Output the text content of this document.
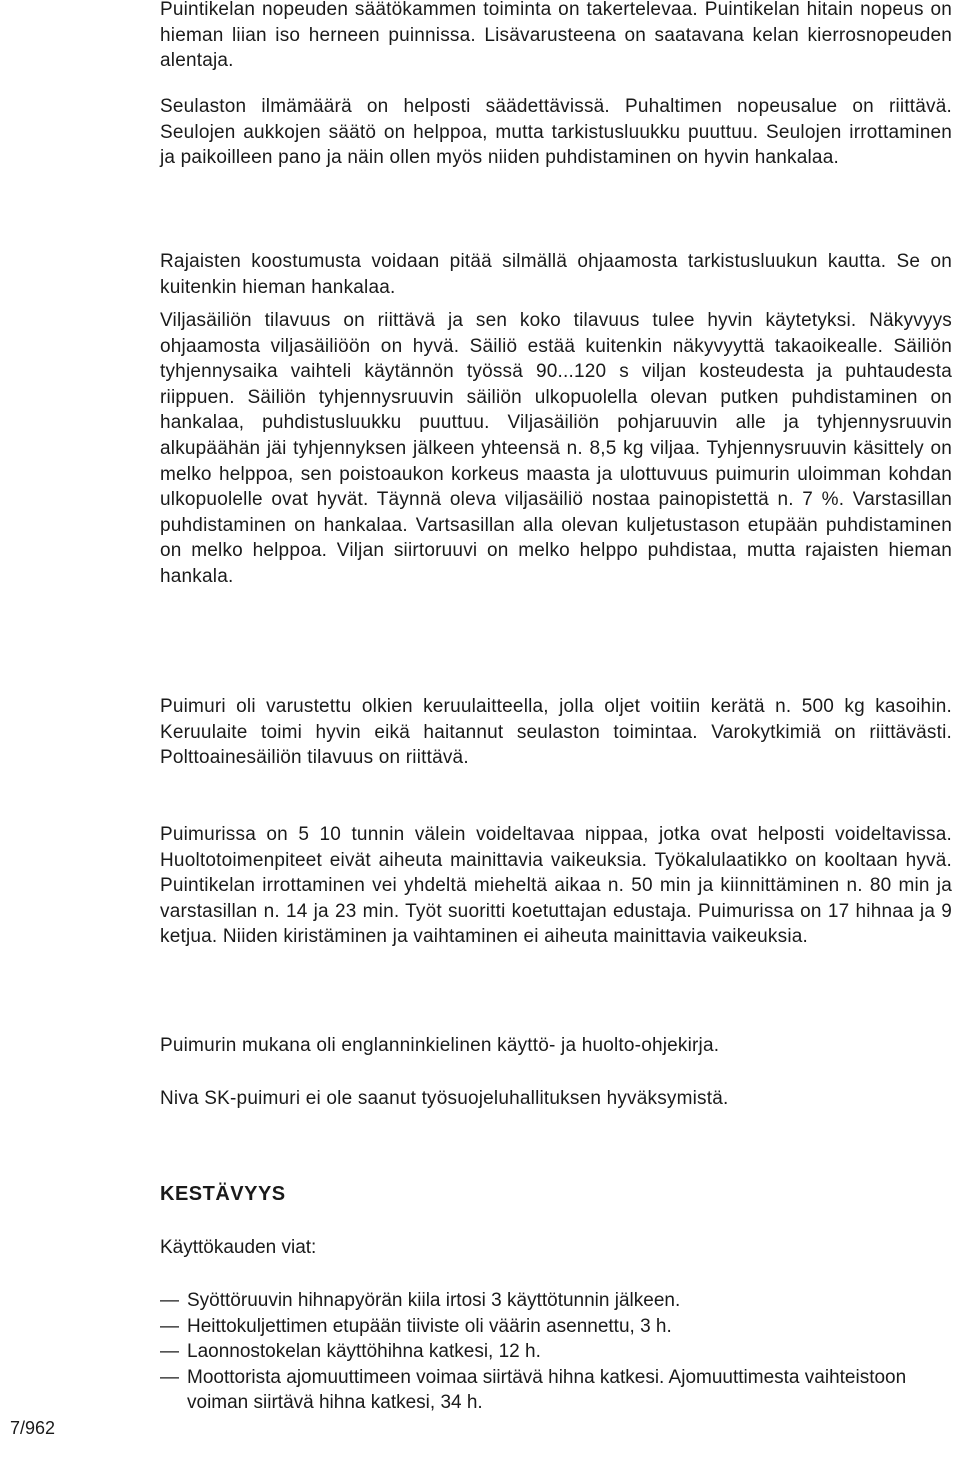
Puintikelan nopeuden säätökammen toiminta on takertelevaa. Puintikelan hitain nopeus on hieman liian iso herneen puinnissa. Lisävarusteena on saatavana kelan kierrosnopeuden alentaja.

Seulaston ilmämäärä on helposti säädettävissä. Puhaltimen nopeusalue on riittävä. Seulojen aukkojen säätö on helppoa, mutta tarkistusluukku puuttuu. Seulojen irrottaminen ja paikoilleen pano ja näin ollen myös niiden puhdistaminen on hyvin hankalaa.

Rajaisten koostumusta voidaan pitää silmällä ohjaamosta tarkistusluukun kautta. Se on kuitenkin hieman hankalaa.

Viljasäiliön tilavuus on riittävä ja sen koko tilavuus tulee hyvin käytetyksi. Näkyvyys ohjaamosta viljasäiliöön on hyvä. Säiliö estää kuitenkin näkyvyyttä takaoikealle. Säiliön tyhjennysaika vaihteli käytännön työssä 90...120 s viljan kosteudesta ja puhtaudesta riippuen. Säiliön tyhjennysruuvin säiliön ulkopuolella olevan putken puhdistaminen on hankalaa, puhdistusluukku puuttuu. Viljasäiliön pohjaruuvin alle ja tyhjennysruuvin alkupäähän jäi tyhjennyksen jälkeen yhteensä n. 8,5 kg viljaa. Tyhjennysruuvin käsittely on melko helppoa, sen poistoaukon korkeus maasta ja ulottuvuus puimurin uloimman kohdan ulkopuolelle ovat hyvät. Täynnä oleva viljasäiliö nostaa painopistettä n. 7 %. Varstasillan puhdistaminen on hankalaa. Vartsasillan alla olevan kuljetustason etupään puhdistaminen on melko helppoa. Viljan siirtoruuvi on melko helppo puhdistaa, mutta rajaisten hieman hankala.

Puimuri oli varustettu olkien keruulaitteella, jolla oljet voitiin kerätä n. 500 kg kasoihin. Keruulaite toimi hyvin eikä haitannut seulaston toimintaa. Varokytkimiä on riittävästi. Polttoainesäiliön tilavuus on riittävä.

Puimurissa on 5 10 tunnin välein voideltavaa nippaa, jotka ovat helposti voideltavissa. Huoltotoimenpiteet eivät aiheuta mainittavia vaikeuksia. Työkalulaatikko on kooltaan hyvä. Puintikelan irrottaminen vei yhdeltä mieheltä aikaa n. 50 min ja kiinnittäminen n. 80 min ja varstasillan n. 14 ja 23 min. Työt suoritti koetuttajan edustaja. Puimurissa on 17 hihnaa ja 9 ketjua. Niiden kiristäminen ja vaihtaminen ei aiheuta mainittavia vaikeuksia.

Puimurin mukana oli englanninkielinen käyttö- ja huolto-ohjekirja.

Niva SK-puimuri ei ole saanut työsuojeluhallituksen hyväksymistä.

KESTÄVYYS

Käyttökauden viat:

— Syöttöruuvin hihnapyörän kiila irtosi 3 käyttötunnin jälkeen.
— Heittokuljettimen etupään tiiviste oli väärin asennettu, 3 h.
— Laonnostokelan käyttöhihna katkesi, 12 h.
— Moottorista ajomuuttimeen voimaa siirtävä hihna katkesi. Ajomuuttimesta vaihteistoon voiman siirtävä hihna katkesi, 34 h.
7/962
